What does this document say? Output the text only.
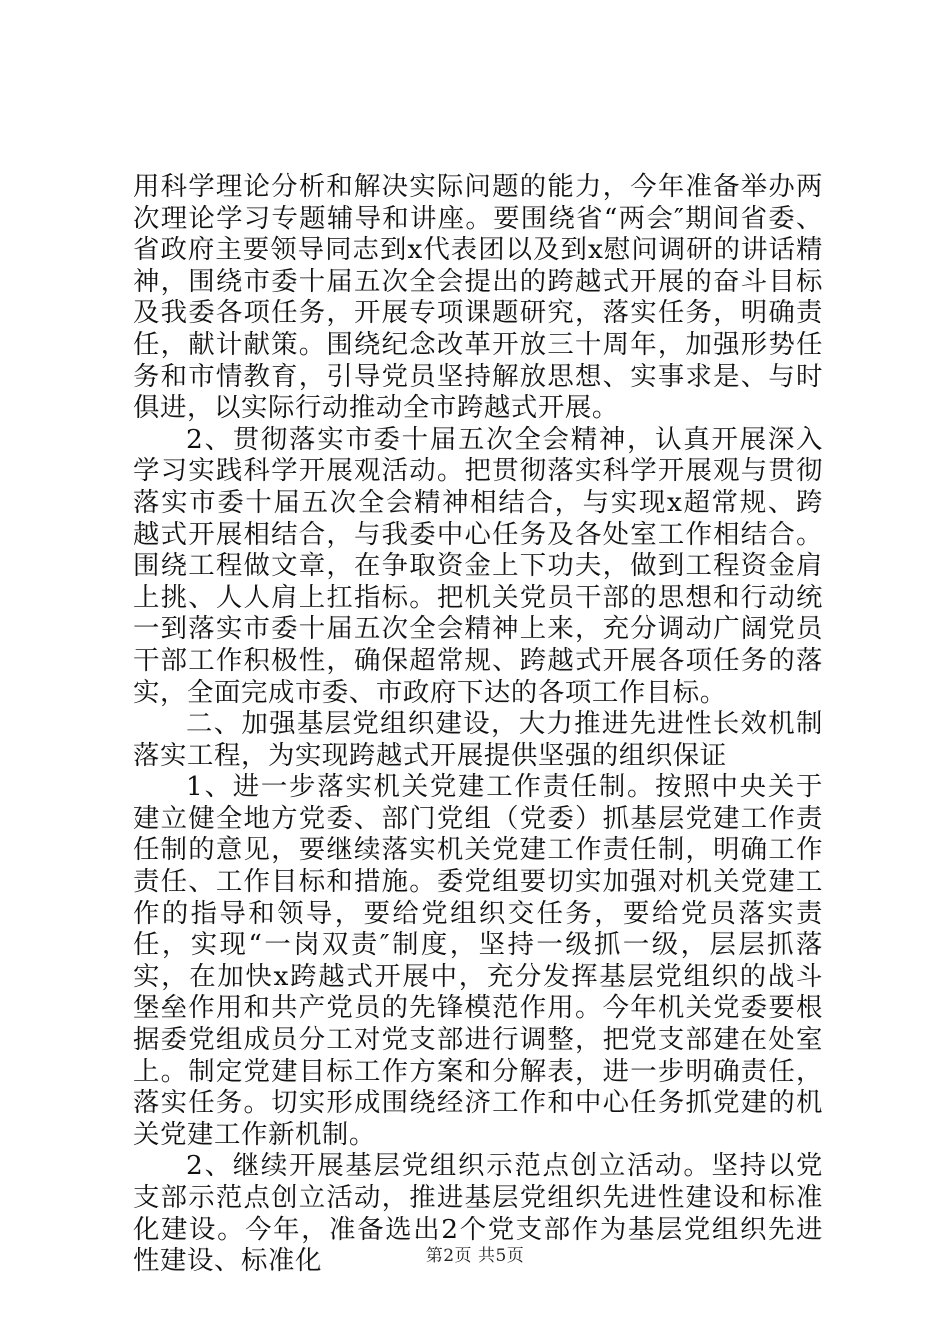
用科学理论分析和解决实际问题的能力，今年准备举办两次理论学习专题辅导和讲座。要围绕省“两会″期间省委、省政府主要领导同志到x代表团以及到x慰问调研的讲话精神，围绕市委十届五次全会提出的跨越式开展的奋斗目标及我委各项任务，开展专项课题研究，落实任务，明确责任，献计献策。围绕纪念改革开放三十周年，加强形势任务和市情教育，引导党员坚持解放思想、实事求是、与时俱进，以实际行动推动全市跨越式开展。

2、贯彻落实市委十届五次全会精神，认真开展深入学习实践科学开展观活动。把贯彻落实科学开展观与贯彻落实市委十届五次全会精神相结合，与实现x超常规、跨越式开展相结合，与我委中心任务及各处室工作相结合。围绕工程做文章，在争取资金上下功夫，做到工程资金肩上挑、人人肩上扛指标。把机关党员干部的思想和行动统一到落实市委十届五次全会精神上来，充分调动广阔党员干部工作积极性，确保超常规、跨越式开展各项任务的落实，全面完成市委、市政府下达的各项工作目标。

二、加强基层党组织建设，大力推进先进性长效机制落实工程，为实现跨越式开展提供坚强的组织保证

1、进一步落实机关党建工作责任制。按照中央关于建立健全地方党委、部门党组（党委）抓基层党建工作责任制的意见，要继续落实机关党建工作责任制，明确工作责任、工作目标和措施。委党组要切实加强对机关党建工作的指导和领导，要给党组织交任务，要给党员落实责任，实现“一岗双责″制度，坚持一级抓一级，层层抓落实，在加快x跨越式开展中，充分发挥基层党组织的战斗堡垒作用和共产党员的先锋模范作用。今年机关党委要根据委党组成员分工对党支部进行调整，把党支部建在处室上。制定党建目标工作方案和分解表，进一步明确责任，落实任务。切实形成围绕经济工作和中心任务抓党建的机关党建工作新机制。

2、继续开展基层党组织示范点创立活动。坚持以党支部示范点创立活动，推进基层党组织先进性建设和标准化建设。今年，准备选出2个党支部作为基层党组织先进性建设、标准化	第2页 共5页
